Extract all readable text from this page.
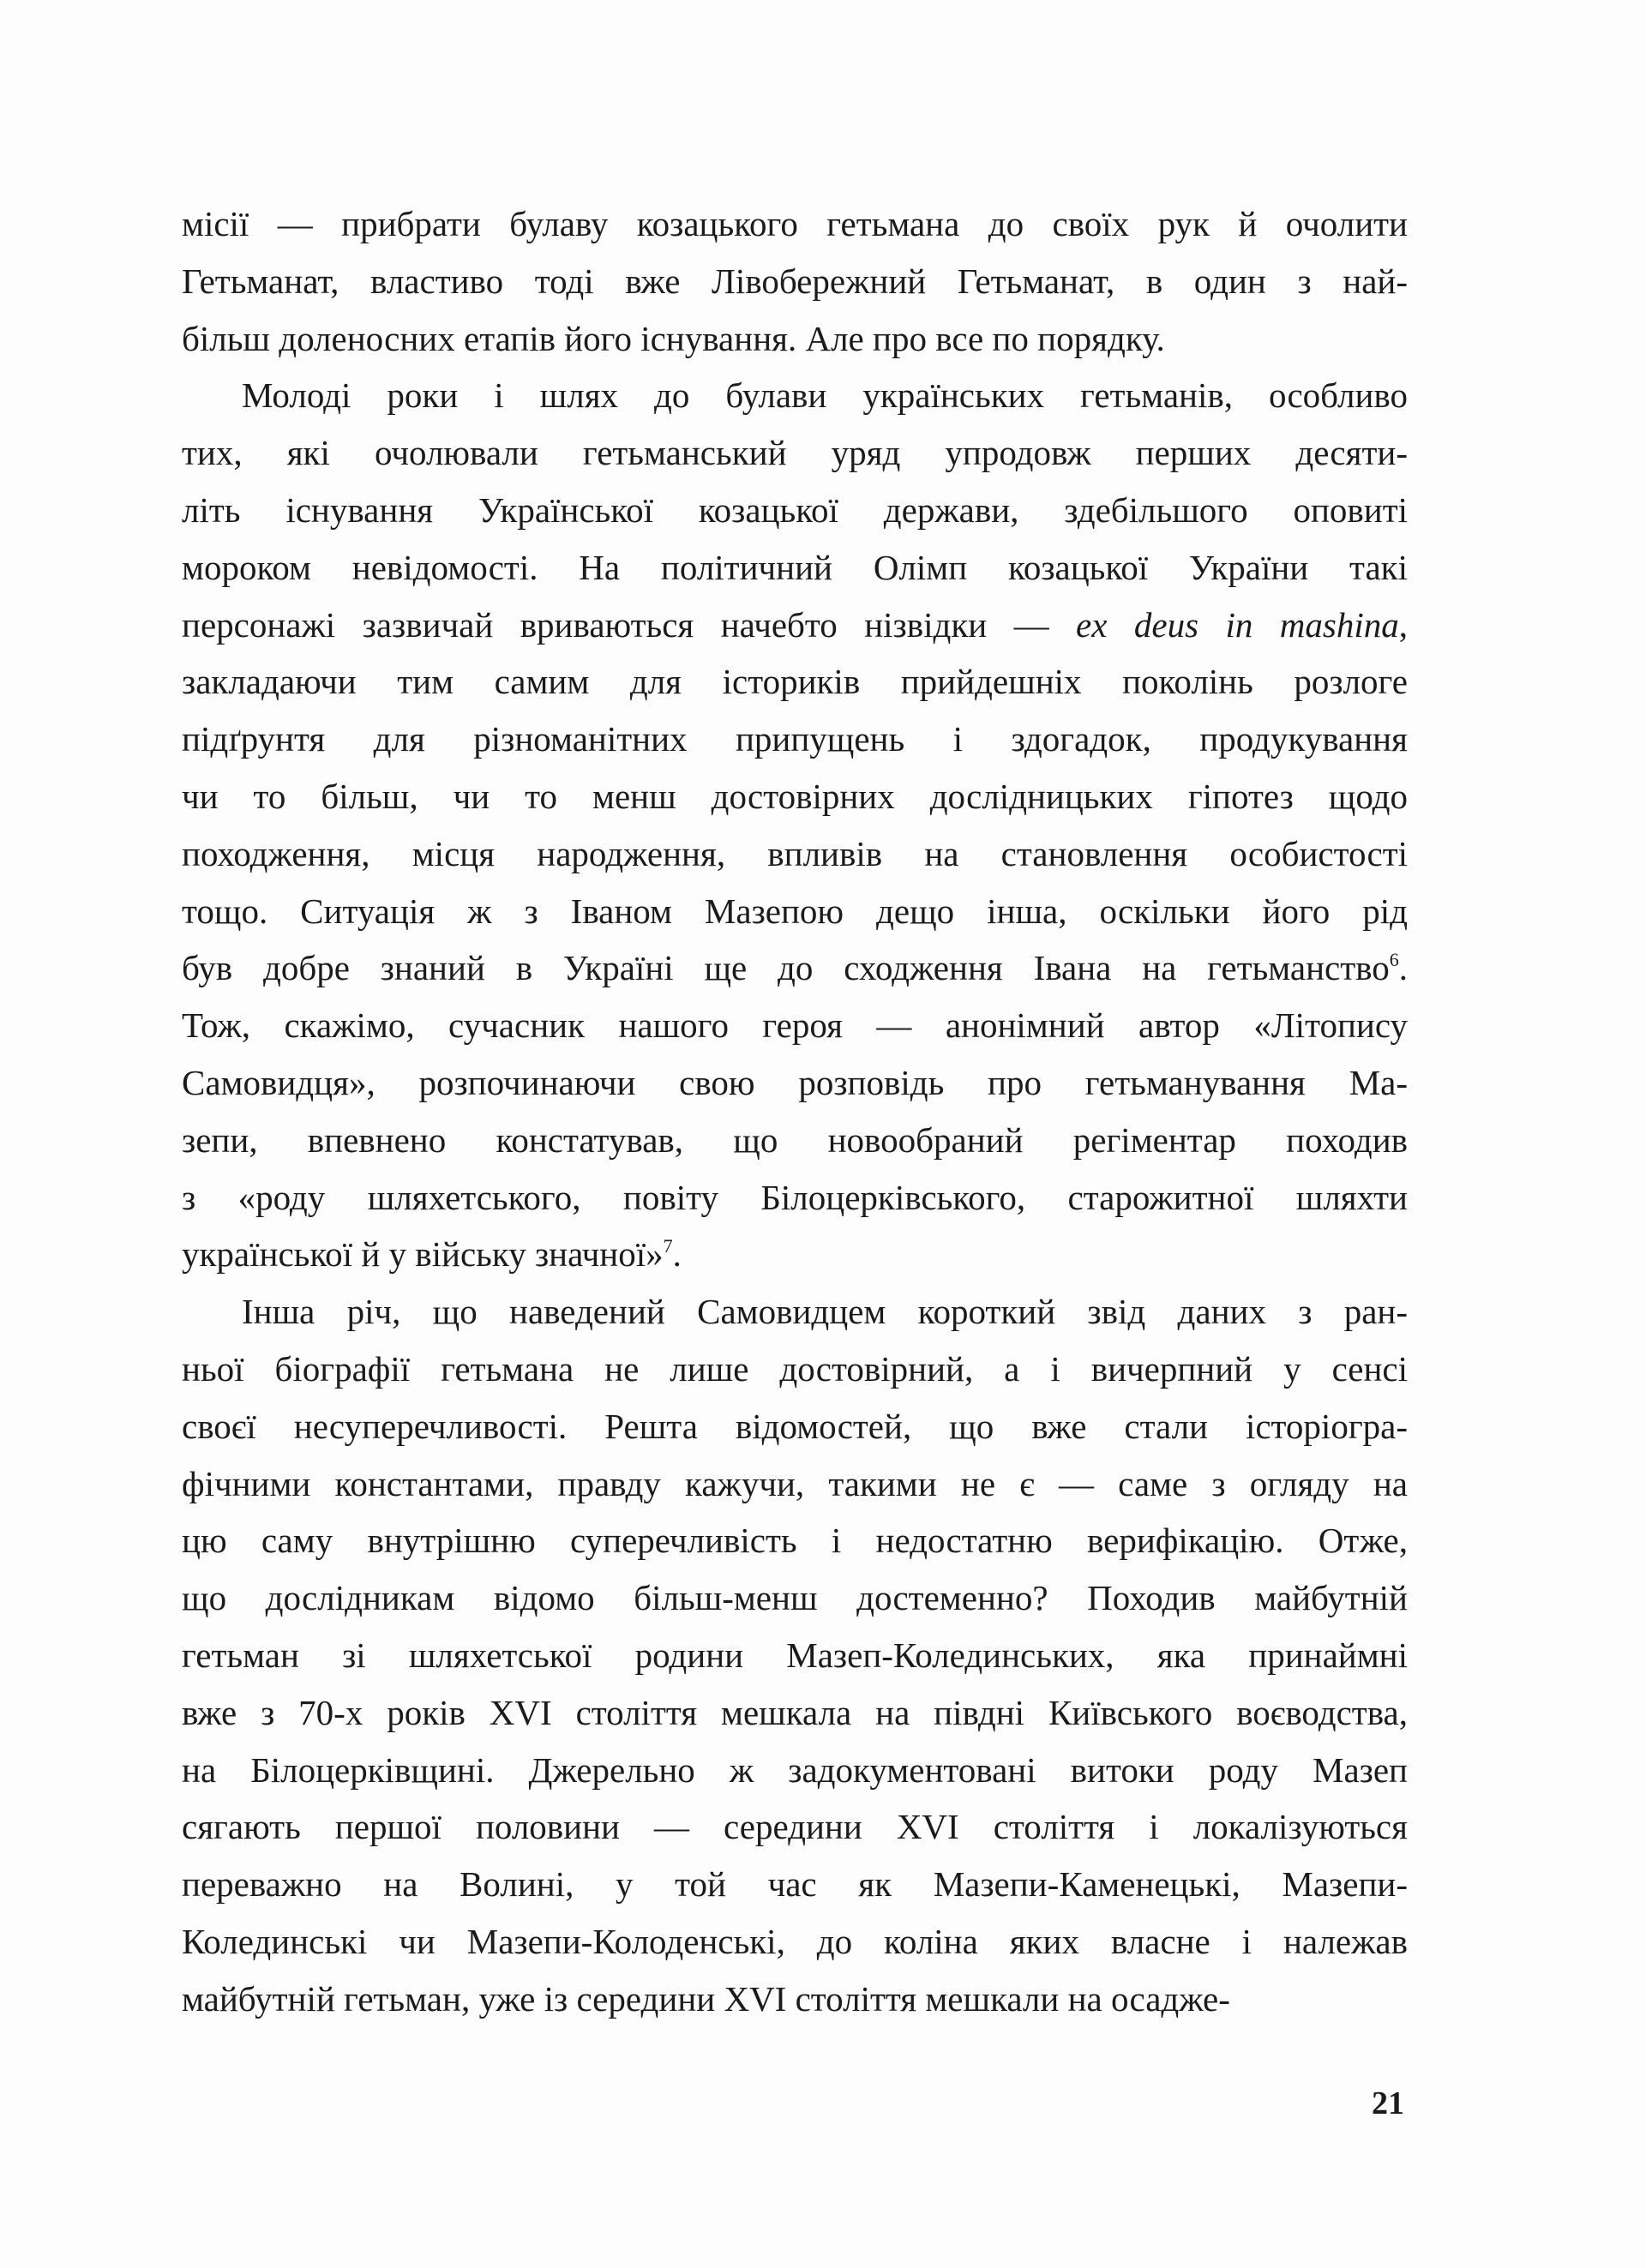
місії — прибрати булаву козацького гетьмана до своїх рук й очолити
Гетьманат, властиво тоді вже Лівобережний Гетьманат, в один з най-
більш доленосних етапів його існування. Але про все по порядку.
Молоді роки і шлях до булави українських гетьманів, особливо
тих, які очолювали гетьманський уряд упродовж перших десяти-
літь існування Української козацької держави, здебільшого оповиті
мороком невідомості. На політичний Олімп козацької України такі
персонажі зазвичай вриваються начебто нізвідки — ex deus in mashina,
закладаючи тим самим для істориків прийдешніх поколінь розлоге
підґрунтя для різноманітних припущень і здогадок, продукування
чи то більш, чи то менш достовірних дослідницьких гіпотез щодо
походження, місця народження, впливів на становлення особистості
тощо. Ситуація ж з Іваном Мазепою дещо інша, оскільки його рід
був добре знаний в Україні ще до сходження Івана на гетьманство$^6$.
Тож, скажімо, сучасник нашого героя — анонімний автор «Літопису
Самовидця», розпочинаючи свою розповідь про гетьманування Ма-
зепи, впевнено констатував, що новообраний регіментар походив
з «роду шляхетського, повіту Білоцерківського, старожитної шляхти
української й у війську значної»$^7$.
Інша річ, що наведений Самовидцем короткий звід даних з ран-
ньої біографії гетьмана не лише достовірний, а і вичерпний у сенсі
своєї несуперечливості. Решта відомостей, що вже стали історіогра-
фічними константами, правду кажучи, такими не є — саме з огляду на
цю саму внутрішню суперечливість і недостатню верифікацію. Отже,
що дослідникам відомо більш-менш достеменно? Походив майбутній
гетьман зі шляхетської родини Мазеп-Колединських, яка принаймні
вже з 70-х років XVI століття мешкала на півдні Київського воєводства,
на Білоцерківщині. Джерельно ж задокументовані витоки роду Мазеп
сягають першої половини — середини XVI століття і локалізуються
переважно на Волині, у той час як Мазепи-Каменецькі, Мазепи-
Колединські чи Мазепи-Колоденські, до коліна яких власне і належав
майбутній гетьман, уже із середини XVI століття мешкали на осадже-
21
